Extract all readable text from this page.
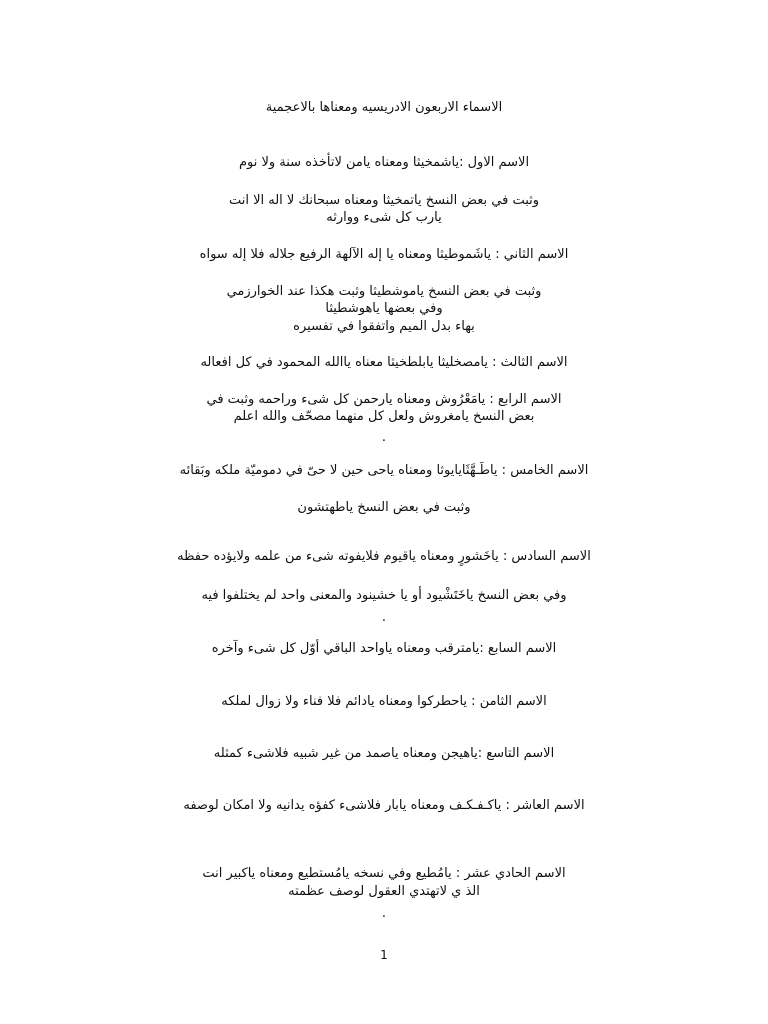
الاسماء الاربعون الادريسيه ومعناها بالاعجمية
الاسم الاول :ياشمخيثا ومعناه يامن لاتأخذه سنة ولا نوم
وثبت في بعض النسخ ياتمخيثا ومعناه سبحانك لا اله الا انت
يارب كل شىء ووارثه
الاسم الثاني : ياشَموطيثا ومعناه يا إله الآلهة الرفيع جلاله فلا إله سواه
وثبت في بعض النسخ ياموشطيثا وثبت هكذا عند الخوارزمي
وفي بعضها ياهوشطيثا
بهاء بدل الميم واتفقوا في تفسيره
الاسم الثالث : يامصخليثا يابلطخيثا معناه ياالله المحمود في كل افعاله
الاسم الرابع : يامَعْرُوش ومعناه يارحمن كل شىء وراحمه وثبت في
بعض النسخ يامغروش ولعل كل منهما مصحّف والله اعلم
.
الاسم الخامس : ياطَـهَّثَايايوثا ومعناه ياحى حين لا حىّ في دموميّة ملكه وبَقائه
وثبت في بعض النسخ ياطهتشون
الاسم السادس : ياخَشورٍ ومعناه ياقيوم فلايفوته شىء من علمه ولايؤده حفظه
وفي بعض النسخ ياخَتَشْيود أو يا خشينود والمعنى واحد لم يختلفوا فيه
.
الاسم السابع :يامترقب ومعناه ياواحد الباقي أوّل كل شىء وآخره
الاسم الثامن : ياحطركوا ومعناه يادائم فلا فناء ولا زوال لملكه
الاسم التاسع :ياهيجن ومعناه ياصمد من غير شبيه فلاشىء كمثله
الاسم العاشر : ياكـفـكـف ومعناه يابار فلاشىء كفؤه يدانيه ولا امكان لوصفه
الاسم الحادي عشر : يامُطيع وفي نسخه يامُستطيع ومعناه ياكبير انت
الذ ي لاتهتدي العقول لوصف عظمته
.
1
